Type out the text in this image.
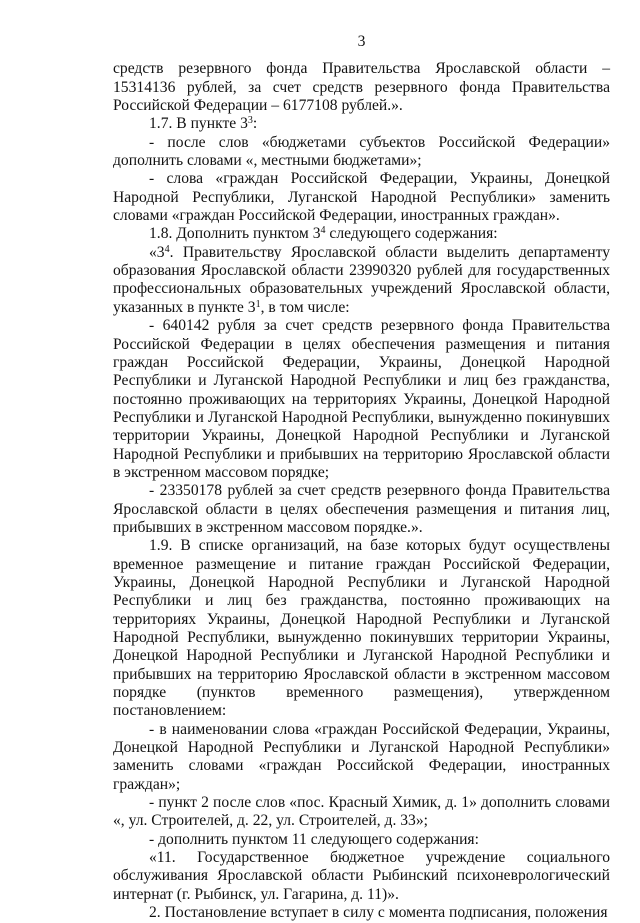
3

средств резервного фонда Правительства Ярославской области – 15314136 рублей, за счет средств резервного фонда Правительства Российской Федерации – 6177108 рублей.».

1.7. В пункте $3^3$:

- после слов «бюджетами субъектов Российской Федерации» дополнить словами «, местными бюджетами»;

- слова «граждан Российской Федерации, Украины, Донецкой Народной Республики, Луганской Народной Республики» заменить словами «граждан Российской Федерации, иностранных граждан».

1.8. Дополнить пунктом $3^4$ следующего содержания:

«$3^4$. Правительству Ярославской области выделить департаменту образования Ярославской области 23990320 рублей для государственных профессиональных образовательных учреждений Ярославской области, указанных в пункте $3^1$, в том числе:

- 640142 рубля за счет средств резервного фонда Правительства Российской Федерации в целях обеспечения размещения и питания граждан Российской Федерации, Украины, Донецкой Народной Республики и Луганской Народной Республики и лиц без гражданства, постоянно проживающих на территориях Украины, Донецкой Народной Республики и Луганской Народной Республики, вынужденно покинувших территории Украины, Донецкой Народной Республики и Луганской Народной Республики и прибывших на территорию Ярославской области в экстренном массовом порядке;

- 23350178 рублей за счет средств резервного фонда Правительства Ярославской области в целях обеспечения размещения и питания лиц, прибывших в экстренном массовом порядке.».

1.9. В списке организаций, на базе которых будут осуществлены временное размещение и питание граждан Российской Федерации, Украины, Донецкой Народной Республики и Луганской Народной Республики и лиц без гражданства, постоянно проживающих на территориях Украины, Донецкой Народной Республики и Луганской Народной Республики, вынужденно покинувших территории Украины, Донецкой Народной Республики и Луганской Народной Республики и прибывших на территорию Ярославской области в экстренном массовом порядке (пунктов временного размещения), утвержденном постановлением:

- в наименовании слова «граждан Российской Федерации, Украины, Донецкой Народной Республики и Луганской Народной Республики» заменить словами «граждан Российской Федерации, иностранных граждан»;

- пункт 2 после слов «пос. Красный Химик, д. 1» дополнить словами «, ул. Строителей, д. 22, ул. Строителей, д. 33»;

- дополнить пунктом 11 следующего содержания:

«11. Государственное бюджетное учреждение социального обслуживания Ярославской области Рыбинский психоневрологический интернат (г. Рыбинск, ул. Гагарина, д. 11)».

2. Постановление вступает в силу с момента подписания, положения
